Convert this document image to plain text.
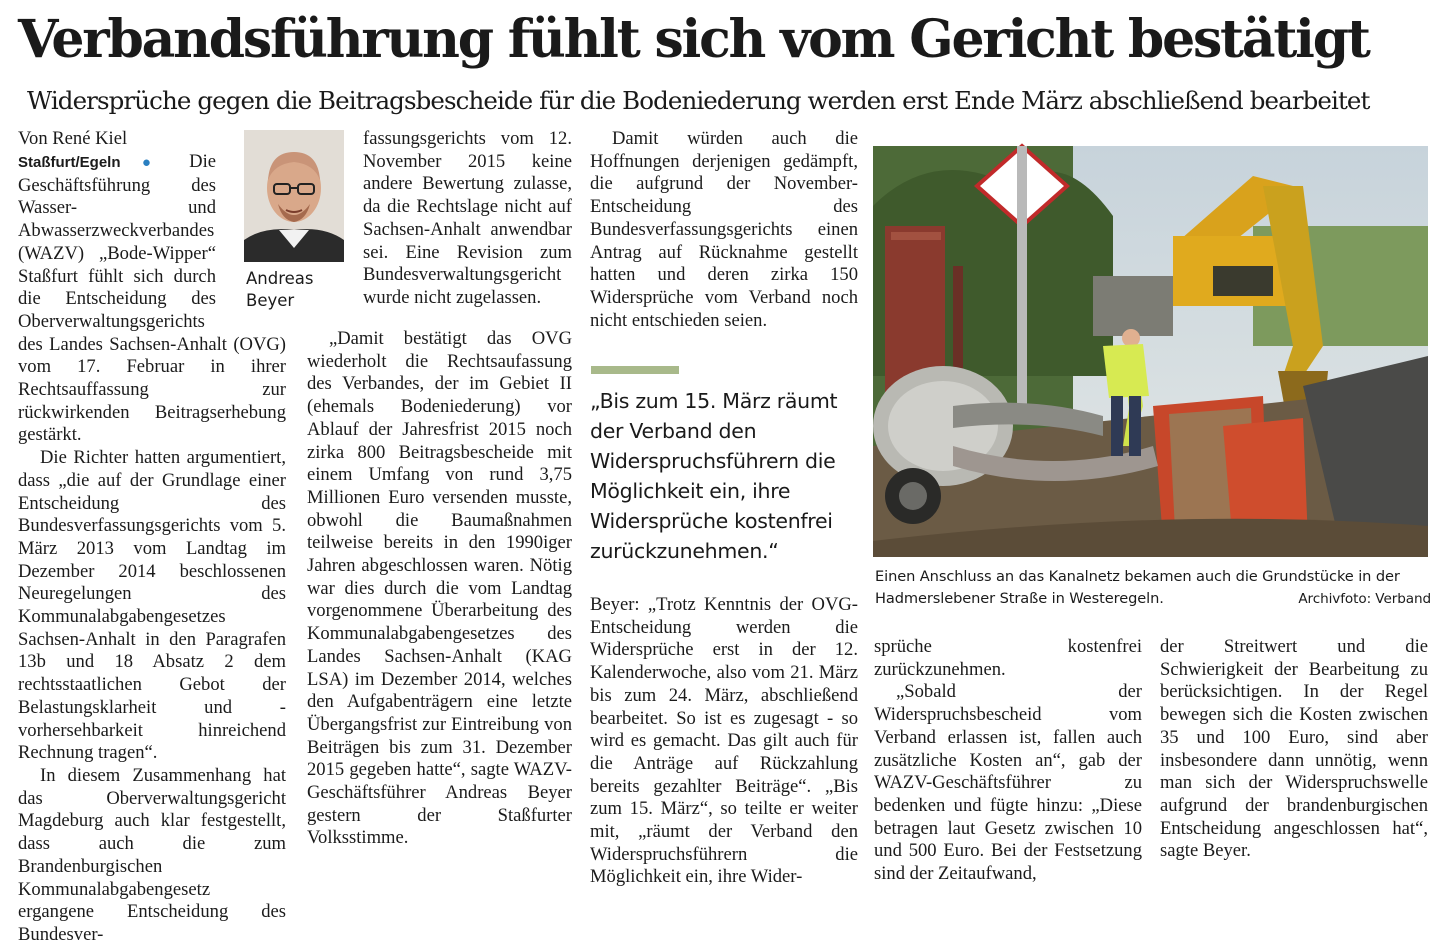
Verbandsführung fühlt sich vom Gericht bestätigt
Widersprüche gegen die Beitragsbescheide für die Bodeniederung werden erst Ende März abschließend bearbeitet
Von René Kiel

Staßfurt/Egeln ● Die Geschäftsführung des Wasser- und Abwasserzweckverbandes (WAZV) „Bode-Wipper“ Staßfurt fühlt sich durch die Entscheidung des Oberverwaltungsgerichts des Landes Sachsen-Anhalt (OVG) vom 17. Februar in ihrer Rechtsauffassung zur rückwirkenden Beitragserhebung gestärkt.

Die Richter hatten argumentiert, dass „die auf der Grundlage einer Entscheidung des Bundesverfassungsgerichts vom 5. März 2013 vom Landtag im Dezember 2014 beschlossenen Neuregelungen des Kommunalabgabengesetzes Sachsen-Anhalt in den Paragrafen 13b und 18 Absatz 2 dem rechtsstaatlichen Gebot der Belastungsklarheit und -vorhersehbarkeit hinreichend Rechnung tragen“.

In diesem Zusammenhang hat das Oberverwaltungsgericht Magdeburg auch klar festgestellt, dass auch die zum Brandenburgischen Kommunalabgabengesetz ergangene Entscheidung des Bundesver-

Andreas
Beyer

fassungsgerichts vom 12. November 2015 keine andere Bewertung zulasse, da die Rechtslage nicht auf Sachsen-Anhalt anwendbar sei. Eine Revision zum Bundesverwaltungsgericht wurde nicht zugelassen.

„Damit bestätigt das OVG wiederholt die Rechtsaufassung des Verbandes, der im Gebiet II (ehemals Bodeniederung) vor Ablauf der Jahresfrist 2015 noch zirka 800 Beitragsbescheide mit einem Umfang von rund 3,75 Millionen Euro versenden musste, obwohl die Baumaßnahmen teilweise bereits in den 1990iger Jahren abgeschlossen waren. Nötig war dies durch die vom Landtag vorgenommene Überarbeitung des Kommunalabgabengesetzes des Landes Sachsen-Anhalt (KAG LSA) im Dezember 2014, welches den Aufgabenträgern eine letzte Übergangsfrist zur Eintreibung von Beiträgen bis zum 31. Dezember 2015 gegeben hatte“, sagte WAZV-Geschäftsführer Andreas Beyer gestern der Staßfurter Volksstimme.

Damit würden auch die Hoffnungen derjenigen gedämpft, die aufgrund der November-Entscheidung des Bundesverfassungsgerichts einen Antrag auf Rücknahme gestellt hatten und deren zirka 150 Widersprüche vom Verband noch nicht entschieden seien.

„Bis zum 15. März räumt der Verband den Widerspruchsführern die Möglichkeit ein, ihre Widersprüche kostenfrei zurückzunehmen.“

Beyer: „Trotz Kenntnis der OVG-Entscheidung werden die Widersprüche erst in der 12. Kalenderwoche, also vom 21. März bis zum 24. März, abschließend bearbeitet. So ist es zugesagt - so wird es gemacht. Das gilt auch für die Anträge auf Rückzahlung bereits gezahlter Beiträge“. „Bis zum 15. März“, so teilte er weiter mit, „räumt der Verband den Widerspruchsführern die Möglichkeit ein, ihre Wider-

Einen Anschluss an das Kanalnetz bekamen auch die Grundstücke in der Hadmerslebener Straße in Westeregeln.	Archivfoto: Verband

sprüche kostenfrei zurückzunehmen.

„Sobald der Widerspruchsbescheid vom Verband erlassen ist, fallen auch zusätzliche Kosten an“, gab der WAZV-Geschäftsführer zu bedenken und fügte hinzu: „Diese betragen laut Gesetz zwischen 10 und 500 Euro. Bei der Festsetzung sind der Zeitaufwand,

der Streitwert und die Schwierigkeit der Bearbeitung zu berücksichtigen. In der Regel bewegen sich die Kosten zwischen 35 und 100 Euro, sind aber insbesondere dann unnötig, wenn man sich der Widerspruchswelle aufgrund der brandenburgischen Entscheidung angeschlossen hat“, sagte Beyer.
